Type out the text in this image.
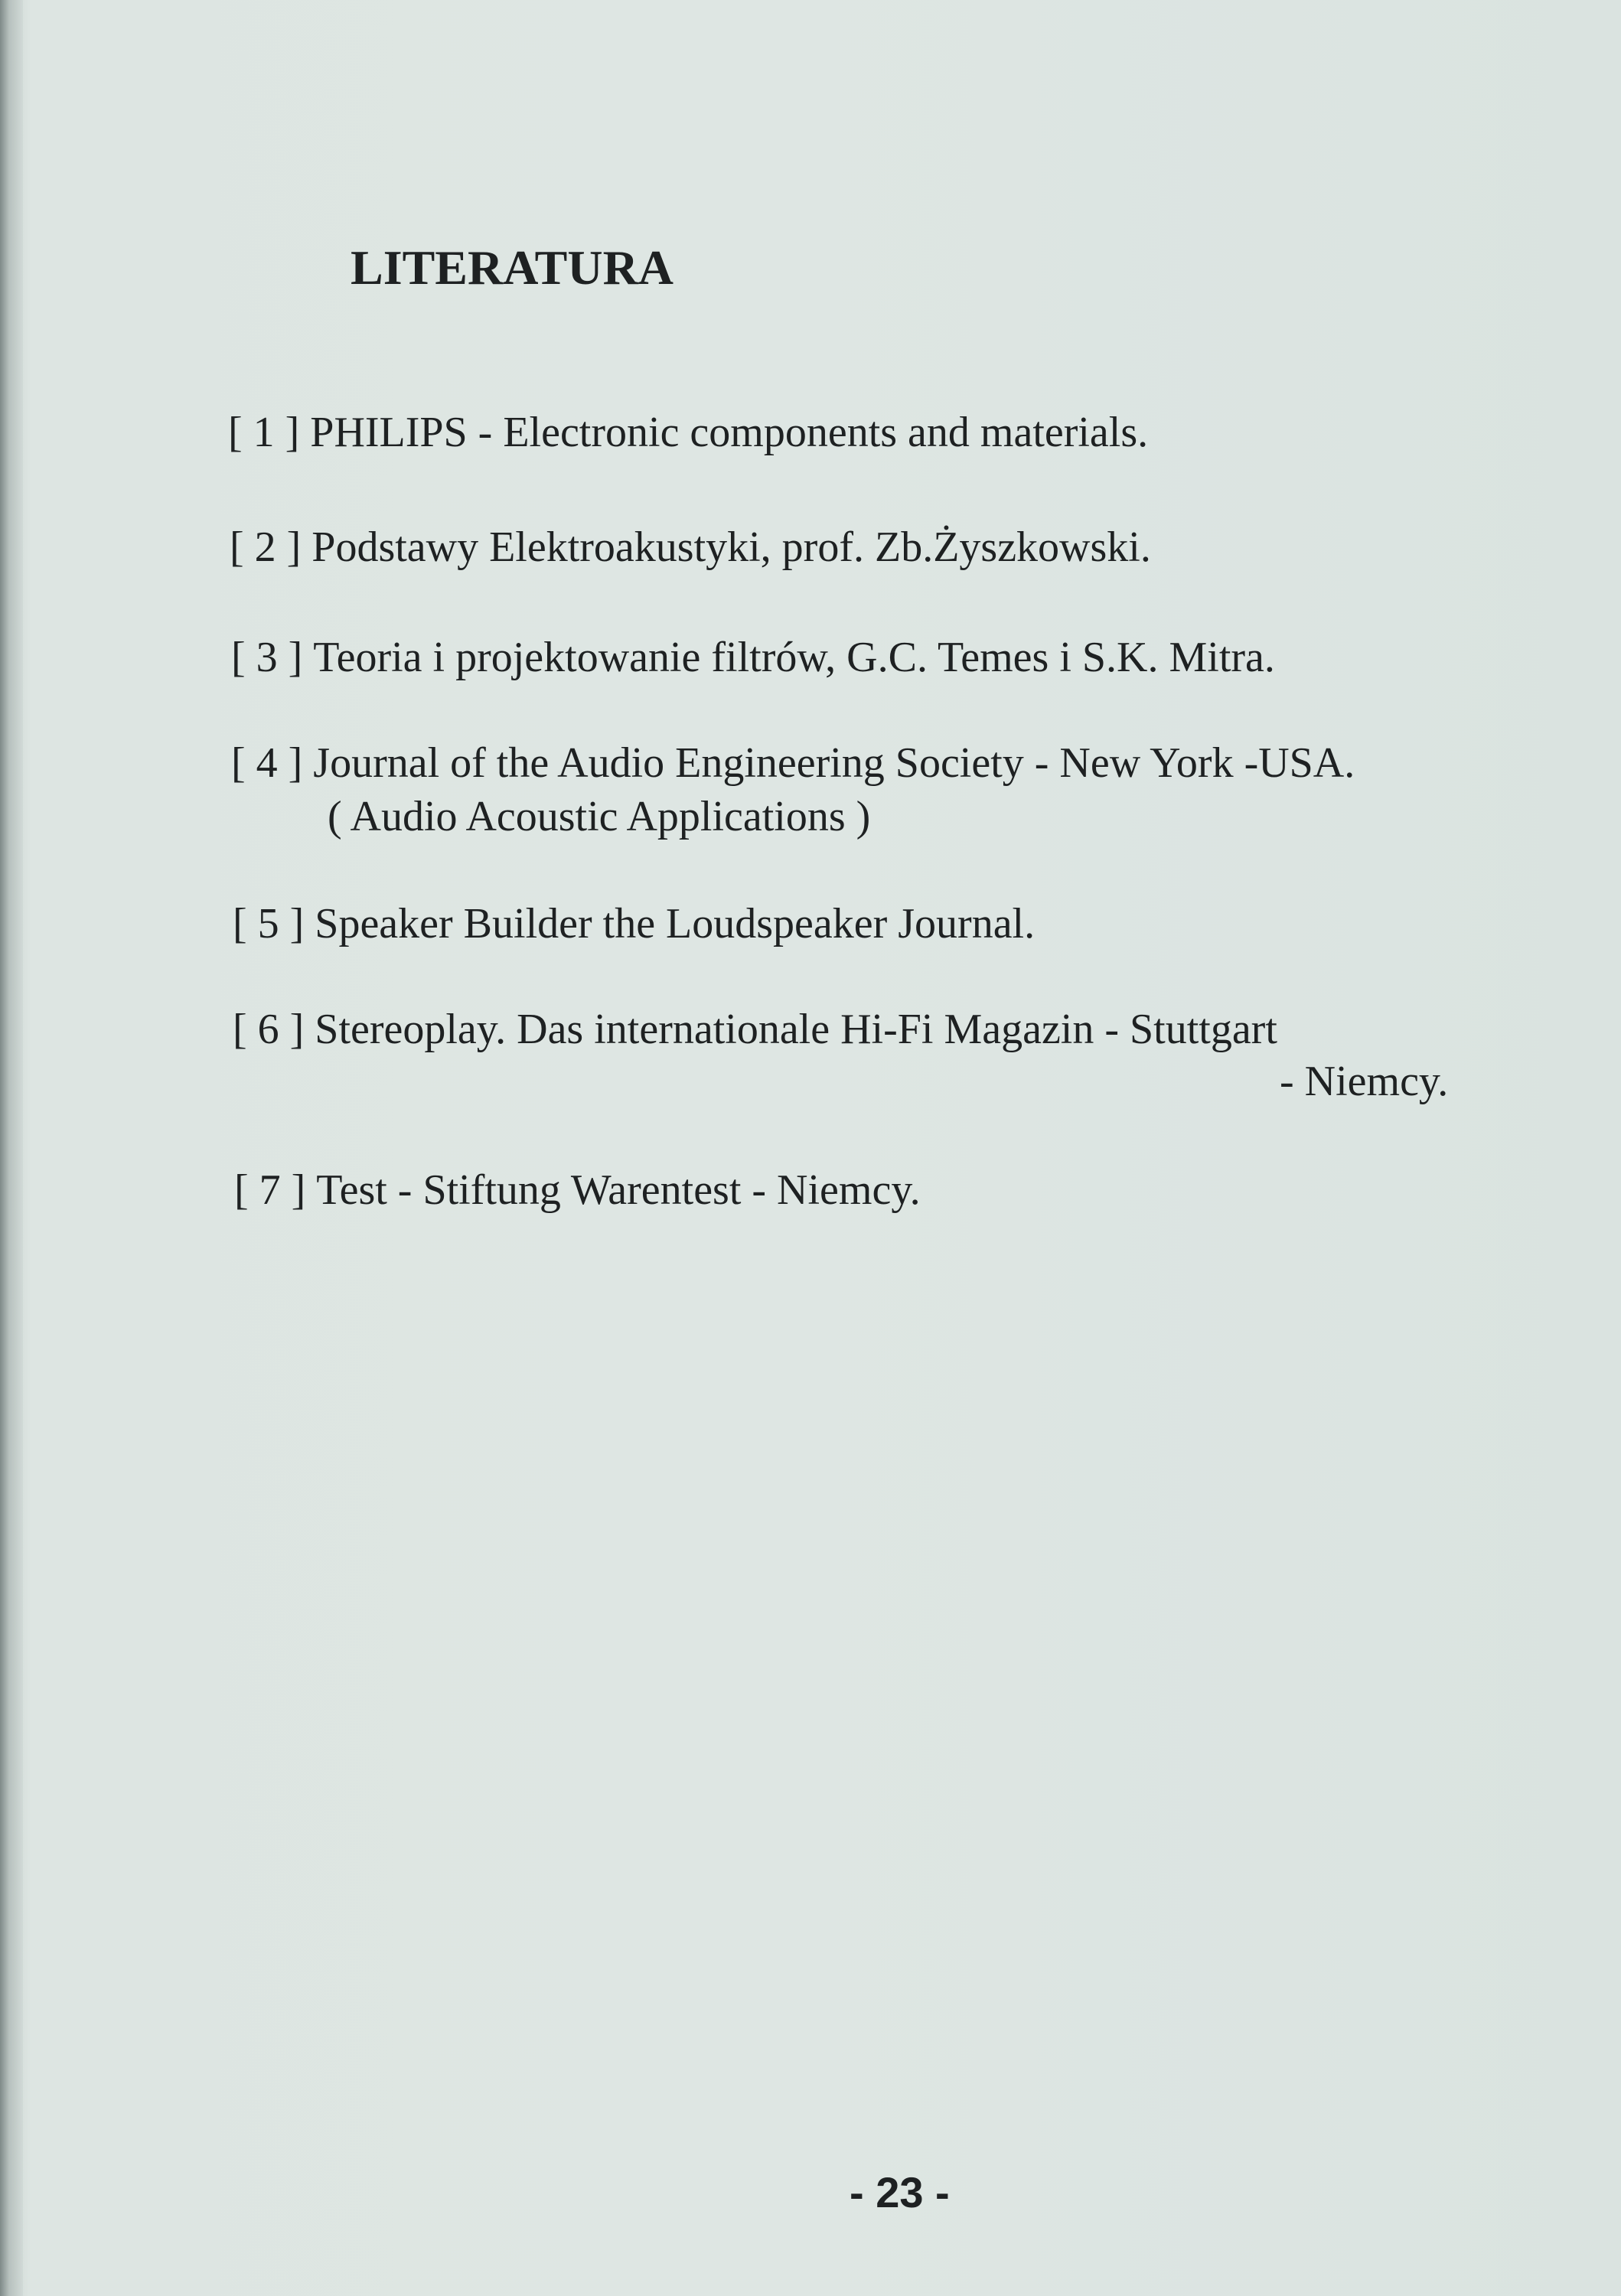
LITERATURA
[ 1 ] PHILIPS - Electronic components and materials.
[ 2 ] Podstawy Elektroakustyki, prof. Zb.Żyszkowski.
[ 3 ] Teoria i projektowanie filtrów, G.C. Temes i S.K. Mitra.
[ 4 ] Journal of the Audio Engineering Society - New York -USA.
( Audio Acoustic Applications )
[ 5 ] Speaker Builder the Loudspeaker Journal.
[ 6 ] Stereoplay. Das internationale Hi-Fi Magazin - Stuttgart
- Niemcy.
[ 7 ] Test - Stiftung Warentest - Niemcy.
- 23 -
